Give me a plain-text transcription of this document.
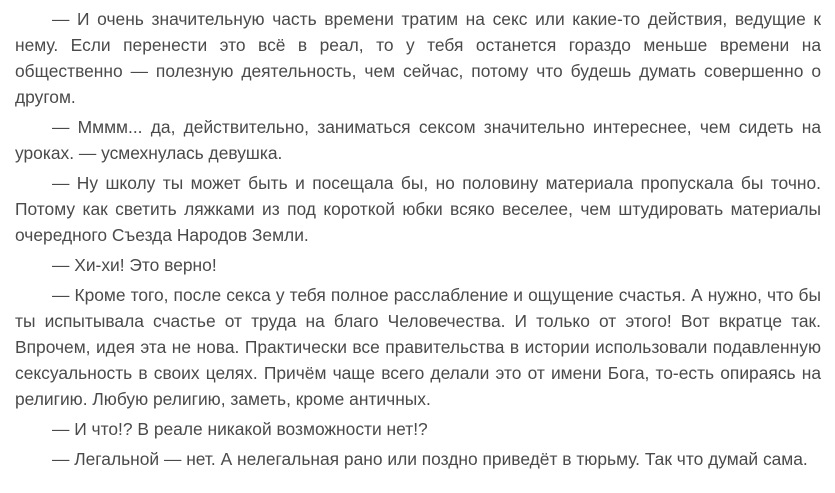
— И очень значительную часть времени тратим на секс или какие-то действия, ведущие к нему. Если перенести это всё в реал, то у тебя останется гораздо меньше времени на общественно — полезную деятельность, чем сейчас, потому что будешь думать совершенно о другом.

— Мммм... да, действительно, заниматься сексом значительно интереснее, чем сидеть на уроках. — усмехнулась девушка.

— Ну школу ты может быть и посещала бы, но половину материала пропускала бы точно. Потому как светить ляжками из под короткой юбки всяко веселее, чем штудировать материалы очередного Съезда Народов Земли.

— Хи-хи! Это верно!

— Кроме того, после секса у тебя полное расслабление и ощущение счастья. А нужно, что бы ты испытывала счастье от труда на благо Человечества. И только от этого! Вот вкратце так. Впрочем, идея эта не нова. Практически все правительства в истории использовали подавленную сексуальность в своих целях. Причём чаще всего делали это от имени Бога, то-есть опираясь на религию. Любую религию, заметь, кроме античных.

— И что!? В реале никакой возможности нет!?

— Легальной — нет. А нелегальная рано или поздно приведёт в тюрьму. Так что думай сама.
